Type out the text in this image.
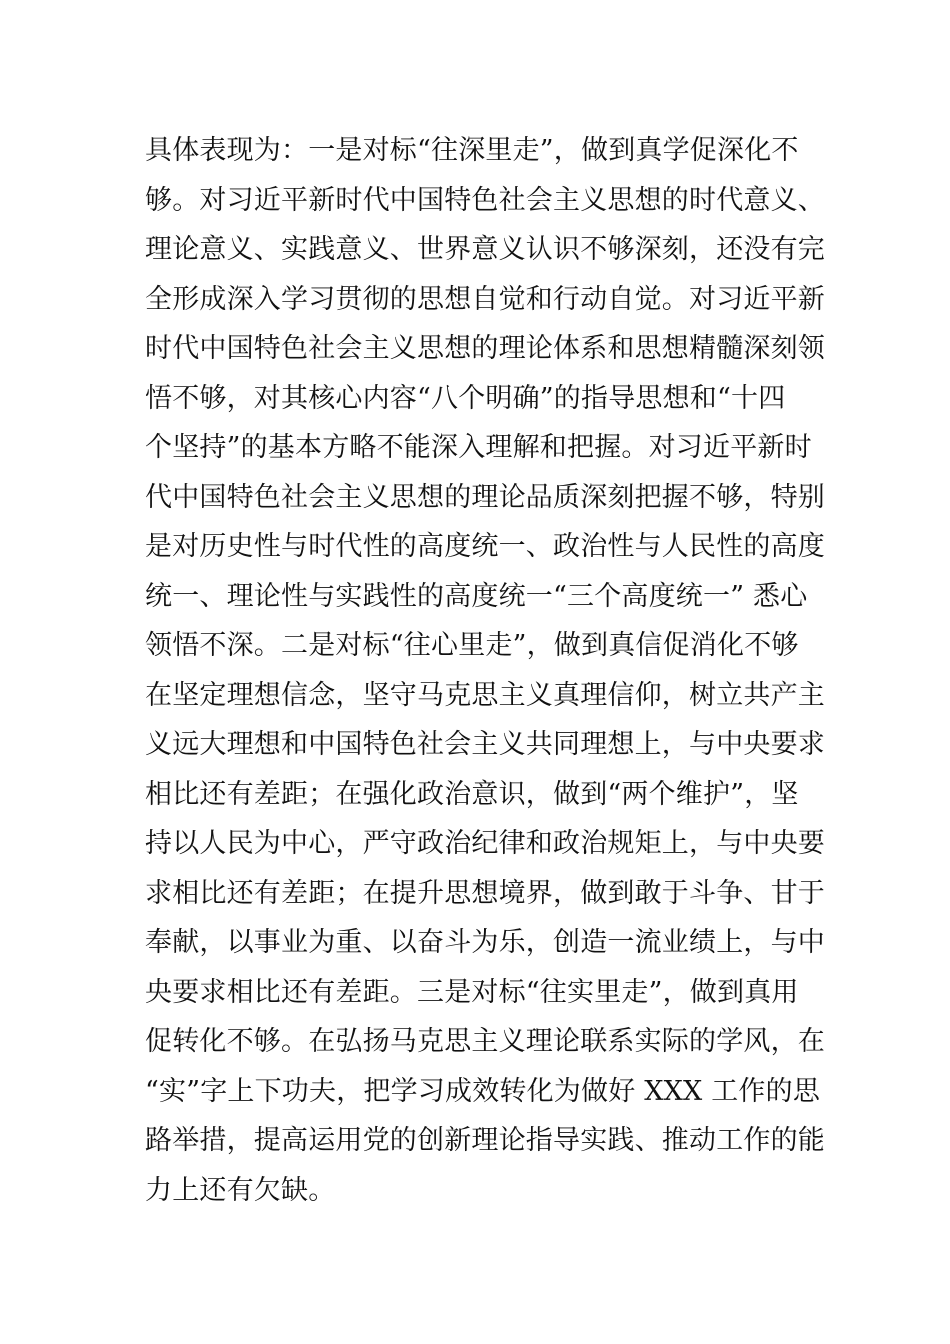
具体表现为：一是对标“往深里走”，做到真学促深化不
够。对习近平新时代中国特色社会主义思想的时代意义、
理论意义、实践意义、世界意义认识不够深刻，还没有完
全形成深入学习贯彻的思想自觉和行动自觉。对习近平新
时代中国特色社会主义思想的理论体系和思想精髓深刻领
悟不够，对其核心内容“八个明确”的指导思想和“十四
个坚持”的基本方略不能深入理解和把握。对习近平新时
代中国特色社会主义思想的理论品质深刻把握不够，特别
是对历史性与时代性的高度统一、政治性与人民性的高度
统一、理论性与实践性的高度统一“三个高度统一” 悉心
领悟不深。二是对标“往心里走”，做到真信促消化不够
在坚定理想信念，坚守马克思主义真理信仰，树立共产主
义远大理想和中国特色社会主义共同理想上，与中央要求
相比还有差距；在强化政治意识，做到“两个维护”，坚
持以人民为中心，严守政治纪律和政治规矩上，与中央要
求相比还有差距；在提升思想境界，做到敢于斗争、甘于
奉献，以事业为重、以奋斗为乐，创造一流业绩上，与中
央要求相比还有差距。三是对标“往实里走”，做到真用
促转化不够。在弘扬马克思主义理论联系实际的学风，在
“实”字上下功夫，把学习成效转化为做好 XXX 工作的思
路举措，提高运用党的创新理论指导实践、推动工作的能
力上还有欠缺。
